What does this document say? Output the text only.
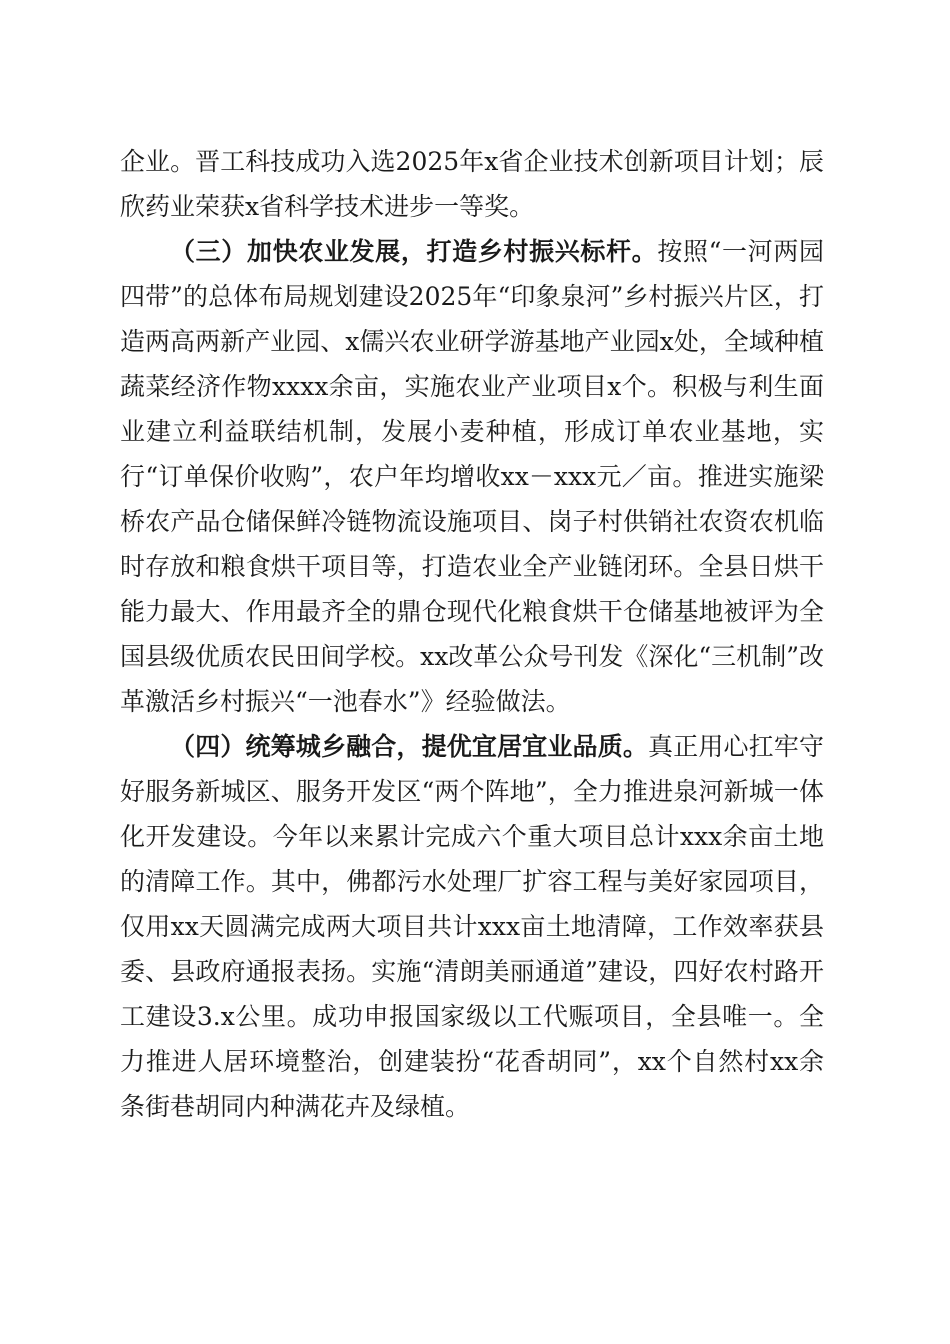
企业。晋工科技成功入选2025年x省企业技术创新项目计划；辰欣药业荣获x省科学技术进步一等奖。

（三）加快农业发展，打造乡村振兴标杆。按照“一河两园四带”的总体布局规划建设2025年“印象泉河”乡村振兴片区，打造两高两新产业园、x儒兴农业研学游基地产业园x处，全域种植蔬菜经济作物xxxx余亩，实施农业产业项目x个。积极与利生面业建立利益联结机制，发展小麦种植，形成订单农业基地，实行“订单保价收购”，农户年均增收xx－xxx元／亩。推进实施梁桥农产品仓储保鲜冷链物流设施项目、岗子村供销社农资农机临时存放和粮食烘干项目等，打造农业全产业链闭环。全县日烘干能力最大、作用最齐全的鼎仓现代化粮食烘干仓储基地被评为全国县级优质农民田间学校。xx改革公众号刊发《深化“三机制”改革激活乡村振兴“一池春水”》经验做法。

（四）统筹城乡融合，提优宜居宜业品质。真正用心扛牢守好服务新城区、服务开发区“两个阵地”，全力推进泉河新城一体化开发建设。今年以来累计完成六个重大项目总计xxx余亩土地的清障工作。其中，佛都污水处理厂扩容工程与美好家园项目，仅用xx天圆满完成两大项目共计xxx亩土地清障，工作效率获县委、县政府通报表扬。实施“清朗美丽通道”建设，四好农村路开工建设3.x公里。成功申报国家级以工代赈项目，全县唯一。全力推进人居环境整治，创建装扮“花香胡同”，xx个自然村xx余条街巷胡同内种满花卉及绿植。
